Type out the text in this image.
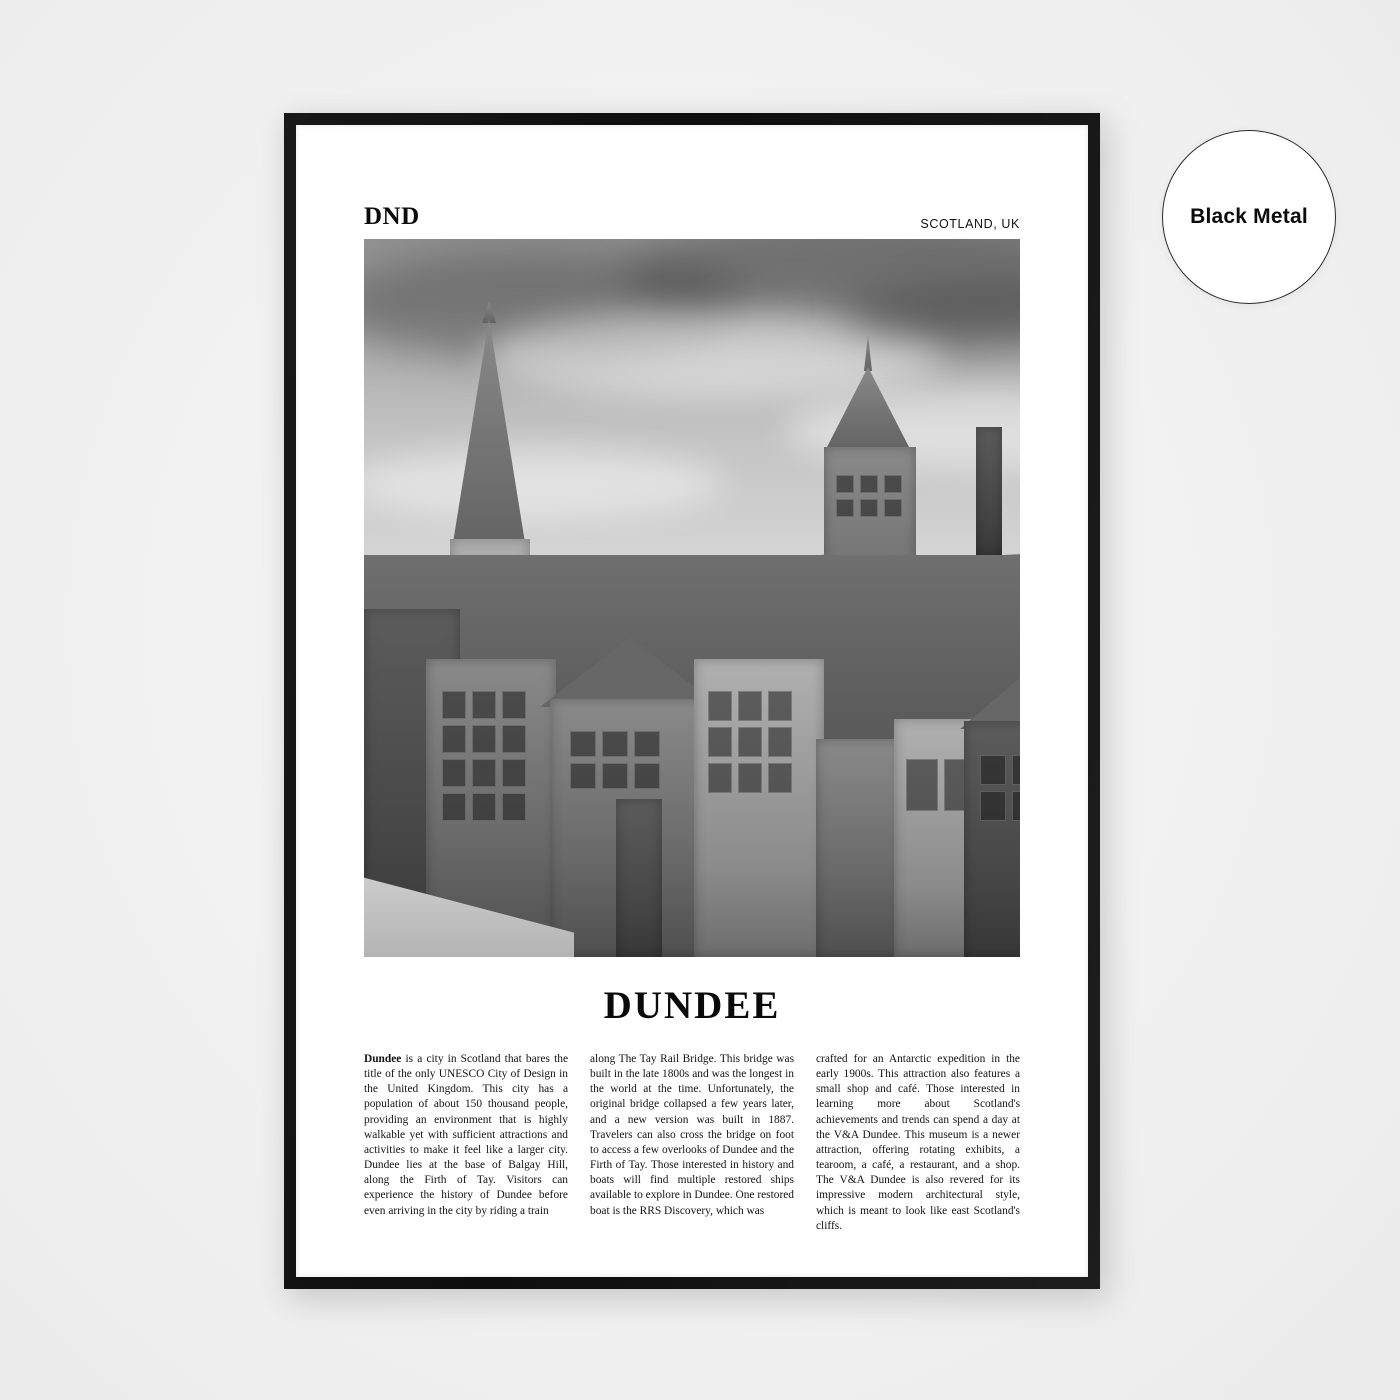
DND	SCOTLAND, UK
DUNDEE
Dundee is a city in Scotland that bares the title of the only UNESCO City of Design in the United Kingdom. This city has a population of about 150 thousand people, providing an environment that is highly walkable yet with sufficient attractions and activities to make it feel like a larger city. Dundee lies at the base of Balgay Hill, along the Firth of Tay. Visitors can experience the history of Dundee before even arriving in the city by riding a train
along The Tay Rail Bridge. This bridge was built in the late 1800s and was the longest in the world at the time. Unfortunately, the original bridge collapsed a few years later, and a new version was built in 1887. Travelers can also cross the bridge on foot to access a few overlooks of Dundee and the Firth of Tay. Those interested in history and boats will find multiple restored ships available to explore in Dundee. One restored boat is the RRS Discovery, which was
crafted for an Antarctic expedition in the early 1900s. This attraction also features a small shop and café. Those interested in learning more about Scotland's achievements and trends can spend a day at the V&A Dundee. This museum is a newer attraction, offering rotating exhibits, a tearoom, a café, a restaurant, and a shop. The V&A Dundee is also revered for its impressive modern architectural style, which is meant to look like east Scotland's cliffs.
Black Metal
